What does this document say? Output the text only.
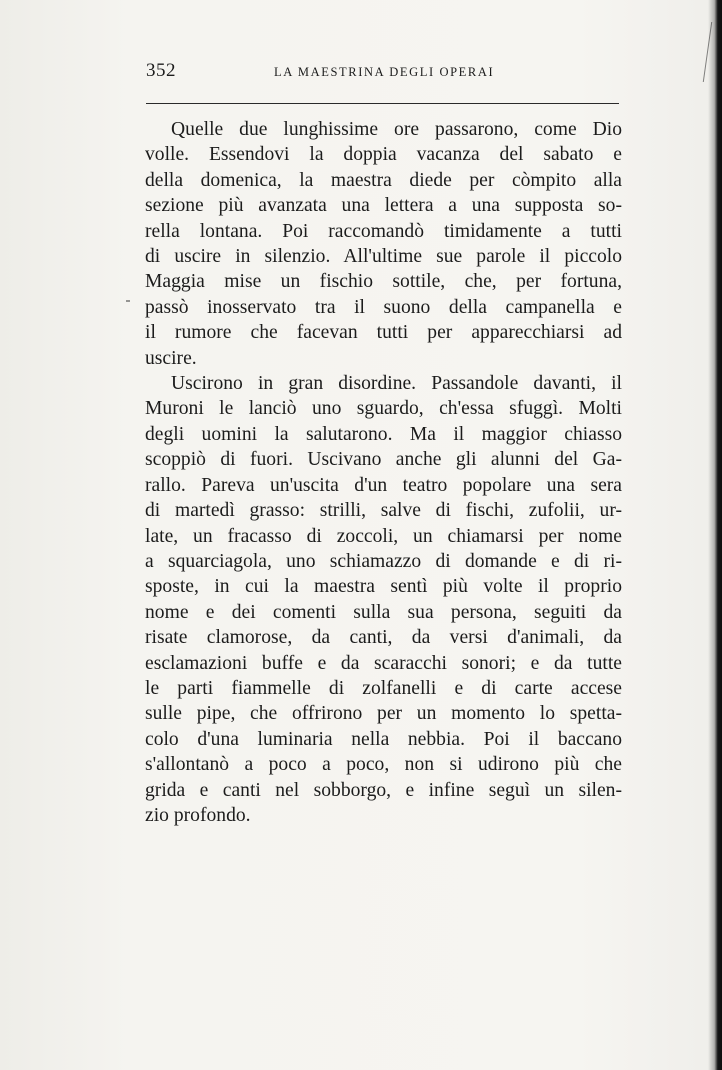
352	LA MAESTRINA DEGLI OPERAI

Quelle due lunghissime ore passarono, come Dio

volle. Essendovi la doppia vacanza del sabato e

della domenica, la maestra diede per còmpito alla

sezione più avanzata una lettera a una supposta so-

rella lontana. Poi raccomandò timidamente a tutti

di uscire in silenzio. All'ultime sue parole il piccolo

Maggia mise un fischio sottile, che, per fortuna,

passò inosservato tra il suono della campanella e

il rumore che facevan tutti per apparecchiarsi ad

uscire.

Uscirono in gran disordine. Passandole davanti, il

Muroni le lanciò uno sguardo, ch'essa sfuggì. Molti

degli uomini la salutarono. Ma il maggior chiasso

scoppiò di fuori. Uscivano anche gli alunni del Ga-

rallo. Pareva un'uscita d'un teatro popolare una sera

di martedì grasso: strilli, salve di fischi, zufolii, ur-

late, un fracasso di zoccoli, un chiamarsi per nome

a squarciagola, uno schiamazzo di domande e di ri-

sposte, in cui la maestra sentì più volte il proprio

nome e dei comenti sulla sua persona, seguiti da

risate clamorose, da canti, da versi d'animali, da

esclamazioni buffe e da scaracchi sonori; e da tutte

le parti fiammelle di zolfanelli e di carte accese

sulle pipe, che offrirono per un momento lo spetta-

colo d'una luminaria nella nebbia. Poi il baccano

s'allontanò a poco a poco, non si udirono più che

grida e canti nel sobborgo, e infine seguì un silen-

zio profondo.
